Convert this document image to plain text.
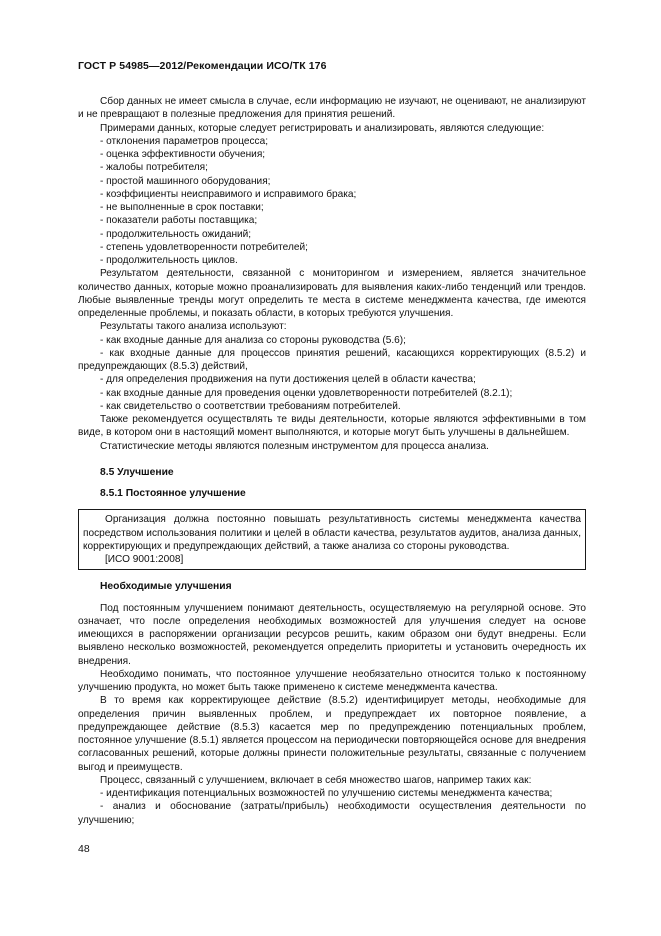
ГОСТ Р 54985—2012/Рекомендации ИСО/ТК 176

Сбор данных не имеет смысла в случае, если информацию не изучают, не оценивают, не анализируют и не превращают в полезные предложения для принятия решений.

Примерами данных, которые следует регистрировать и анализировать, являются следующие:

- отклонения параметров процесса;

- оценка эффективности обучения;

- жалобы потребителя;

- простой машинного оборудования;

- коэффициенты неисправимого и исправимого брака;

- не выполненные в срок поставки;

- показатели работы поставщика;

- продолжительность ожиданий;

- степень удовлетворенности потребителей;

- продолжительность циклов.

Результатом деятельности, связанной с мониторингом и измерением, является значительное количество данных, которые можно проанализировать для выявления каких-либо тенденций или трендов. Любые выявленные тренды могут определить те места в системе менеджмента качества, где имеются определенные проблемы, и показать области, в которых требуются улучшения.

Результаты такого анализа используют:

- как входные данные для анализа со стороны руководства (5.6);

- как входные данные для процессов принятия решений, касающихся корректирующих (8.5.2) и предупреждающих (8.5.3) действий,

- для определения продвижения на пути достижения целей в области качества;

- как входные данные для проведения оценки удовлетворенности потребителей (8.2.1);

- как свидетельство о соответствии требованиям потребителей.

Также рекомендуется осуществлять те виды деятельности, которые являются эффективными в том виде, в котором они в настоящий момент выполняются, и которые могут быть улучшены в дальнейшем.

Статистические методы являются полезным инструментом для процесса анализа.

8.5 Улучшение
8.5.1 Постоянное улучшение

Организация должна постоянно повышать результативность системы менеджмента качества посредством использования политики и целей в области качества, результатов аудитов, анализа данных, корректирующих и предупреждающих действий, а также анализа со стороны руководства.

[ИСО 9001:2008]

Необходимые улучшения

Под постоянным улучшением понимают деятельность, осуществляемую на регулярной основе. Это означает, что после определения необходимых возможностей для улучшения следует на основе имеющихся в распоряжении организации ресурсов решить, каким образом они будут внедрены. Если выявлено несколько возможностей, рекомендуется определить приоритеты и установить очередность их внедрения.

Необходимо понимать, что постоянное улучшение необязательно относится только к постоянному улучшению продукта, но может быть также применено к системе менеджмента качества.

В то время как корректирующее действие (8.5.2) идентифицирует методы, необходимые для определения причин выявленных проблем, и предупреждает их повторное появление, а предупреждающее действие (8.5.3) касается мер по предупреждению потенциальных проблем, постоянное улучшение (8.5.1) является процессом на периодически повторяющейся основе для внедрения согласованных решений, которые должны принести положительные результаты, связанные с получением выгод и преимуществ.

Процесс, связанный с улучшением, включает в себя множество шагов, например таких как:

- идентификация потенциальных возможностей по улучшению системы менеджмента качества;

- анализ и обоснование (затраты/прибыль) необходимости осуществления деятельности по улучшению;

48
